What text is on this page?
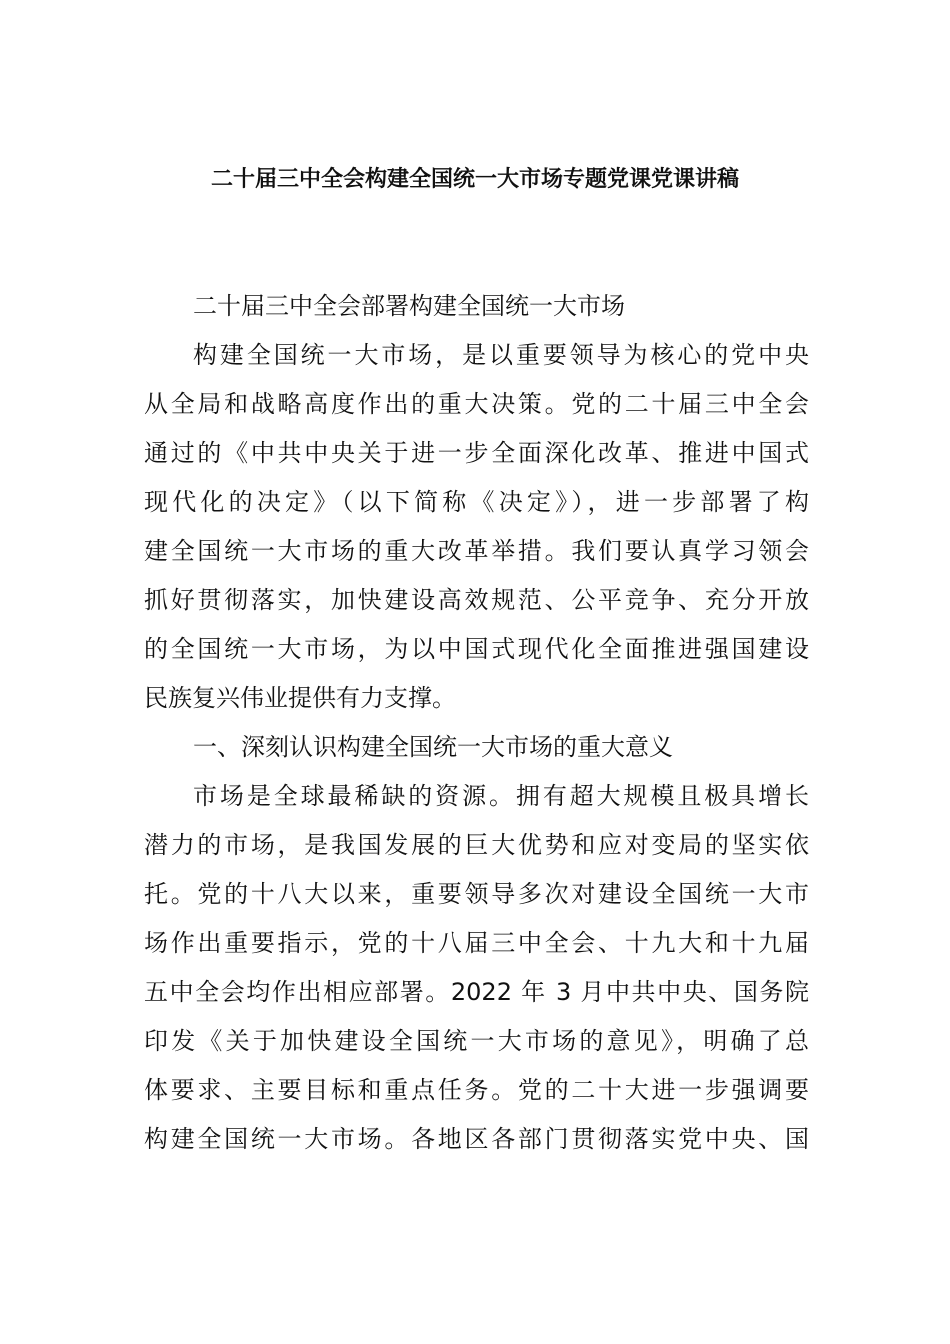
二十届三中全会构建全国统一大市场专题党课党课讲稿
二十届三中全会部署构建全国统一大市场
构建全国统一大市场，是以重要领导为核心的党中央
从全局和战略高度作出的重大决策。党的二十届三中全会
通过的《中共中央关于进一步全面深化改革、推进中国式
现代化的决定》（以下简称《决定》），进一步部署了构
建全国统一大市场的重大改革举措。我们要认真学习领会
抓好贯彻落实，加快建设高效规范、公平竞争、充分开放
的全国统一大市场，为以中国式现代化全面推进强国建设
民族复兴伟业提供有力支撑。
一、深刻认识构建全国统一大市场的重大意义
市场是全球最稀缺的资源。拥有超大规模且极具增长
潜力的市场，是我国发展的巨大优势和应对变局的坚实依
托。党的十八大以来，重要领导多次对建设全国统一大市
场作出重要指示，党的十八届三中全会、十九大和十九届
五中全会均作出相应部署。2022 年 3 月中共中央、国务院
印发《关于加快建设全国统一大市场的意见》，明确了总
体要求、主要目标和重点任务。党的二十大进一步强调要
构建全国统一大市场。各地区各部门贯彻落实党中央、国
